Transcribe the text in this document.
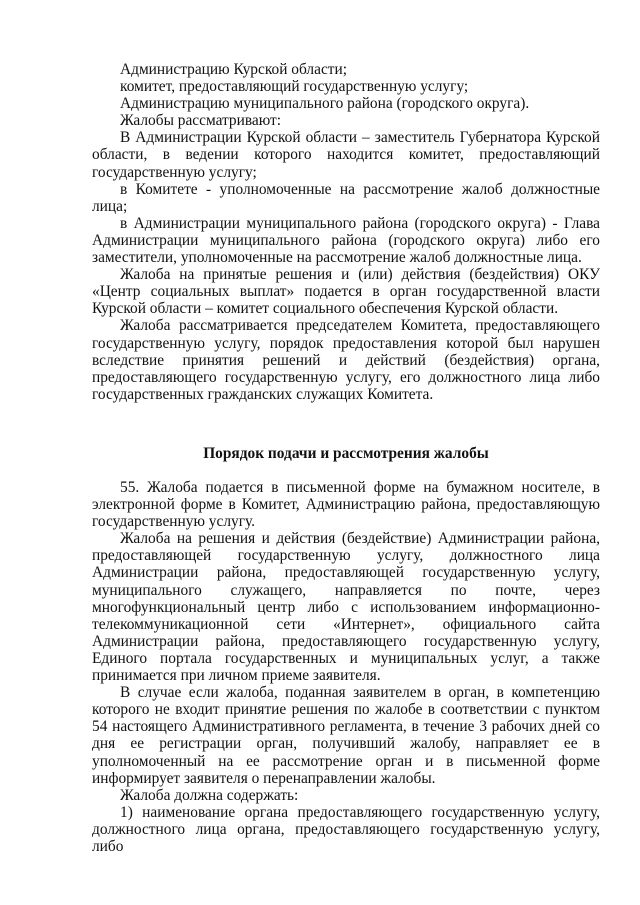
Администрацию Курской области;

комитет, предоставляющий государственную услугу;

Администрацию муниципального района (городского округа).

Жалобы рассматривают:

В Администрации Курской области – заместитель Губернатора Курской области, в ведении которого находится комитет, предоставляющий государственную услугу;

в Комитете - уполномоченные на рассмотрение жалоб должностные лица;

в Администрации муниципального района (городского округа) - Глава Администрации муниципального района (городского округа) либо его заместители, уполномоченные на рассмотрение жалоб должностные лица.

Жалоба на принятые решения и (или) действия (бездействия) ОКУ «Центр социальных выплат» подается в орган государственной власти Курской области – комитет социального обеспечения Курской области.

Жалоба рассматривается председателем Комитета, предоставляющего государственную услугу, порядок предоставления которой был нарушен вследствие принятия решений и действий (бездействия) органа, предоставляющего государственную услугу, его должностного лица либо государственных гражданских служащих Комитета.

Порядок подачи и рассмотрения жалобы

55. Жалоба подается в письменной форме на бумажном носителе, в электронной форме в Комитет, Администрацию района, предоставляющую государственную услугу.

Жалоба на решения и действия (бездействие) Администрации района, предоставляющей государственную услугу, должностного лица Администрации района, предоставляющей государственную услугу, муниципального служащего, направляется по почте, через многофункциональный центр либо с использованием информационно-телекоммуникационной сети «Интернет», официального сайта Администрации района, предоставляющего государственную услугу, Единого портала государственных и муниципальных услуг, а также принимается при личном приеме заявителя.

В случае если жалоба, поданная заявителем в орган, в компетенцию которого не входит принятие решения по жалобе в соответствии с пунктом 54 настоящего Административного регламента, в течение 3 рабочих дней со дня ее регистрации орган, получивший жалобу, направляет ее в уполномоченный на ее рассмотрение орган и в письменной форме информирует заявителя о перенаправлении жалобы.

Жалоба должна содержать:

1) наименование органа предоставляющего государственную услугу, должностного лица органа, предоставляющего государственную услугу, либо
